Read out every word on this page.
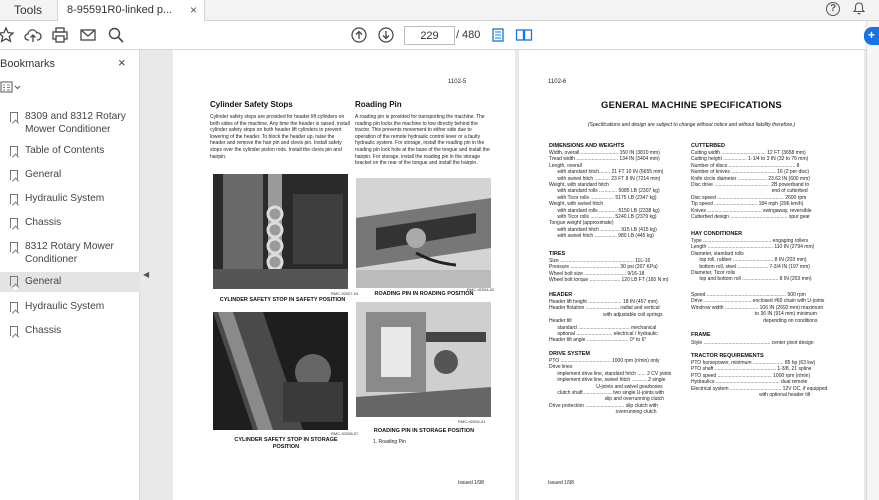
Tools	8-95591R0-linked p...	×	?
229	/ 480
Bookmarks	×
8309 and 8312 Rotary Mower Conditioner
Table of Contents
General
Hydraulic System
Chassis
8312 Rotary Mower Conditioner
General
Hydraulic System
Chassis
◀
1102-5
Cylinder Safety Stops	Roading Pin
Cylinder safety stops are provided for header lift cylinders on both sides of the machine. Any time the header is raised, install cylinder safety stops on both header lift cylinders to prevent lowering of the header. To block the header up, raise the header and remove the hair pin and clevis pin. Install safety stops over the cylinder piston rods. Install the clevis pin and hairpin.
A roading pin is provided for transporting the machine. The roading pin locks the machine to tow directly behind the tractor. This prevents movement to either side due to operation of the remote hydraulic control lever or a faulty hydraulic system. For storage, install the roading pin in the roading pin lock hole at the base of the tongue and install the hairpin. For storage, install the roading pin in the storage bracket on the rear of the tongue and install the hairpin.
RMC-92007-04
CYLINDER SAFETY STOP IN SAFETY POSITION
RMC-92094-02
ROADING PIN IN ROADING POSITION
RMC-92008-07
CYLINDER SAFETY STOP IN STORAGE POSITION
RMC-92005-01
ROADING PIN IN STORAGE POSITION
1. Roading Pin
Issued 1/98
1102-6
GENERAL MACHINE SPECIFICATIONS
(Specifications and design are subject to change without notice and without liability therefore.)
DIMENSIONS AND WEIGHTS
Width, overall ........................... 150 IN (3810 mm)
Tread width .............................. 134 IN (3404 mm)
Length, overall
with standard hitch........ 21 FT 10 IN (6655 mm)
with swivel hitch ........... 23 FT 8 IN (7214 mm)
Weight, with standard hitch
with standard rolls ............. 5085 LB (2307 kg)
with Ticor rolls ................. 5175 LB (2347 kg)
Weight, with swivel hitch
with standard rolls ............. 5150 LB (2338 kg)
with Ticor rolls ................. 5240 LB (2379 kg)
Tongue weight (approximate)
with standard hitch .............. 915 LB (415 kg)
with swivel hitch ................ 980 LB (445 kg)
TIRES
Size ..................................................... 11L-15
Pressure ................................... 30 psi (207 KPa)
Wheel bolt size .............................. 9/16-18
Wheel bolt torque ...................... 120 LB FT (165 N m)
HEADER
Header lift height ........................ 18 IN (457 mm)
Header flotation ........................ radial and vertical
with adjustable coil springs
Header tilt
standard ..................................... mechanical
optional .......................... electrical / hydraulic
Header tilt angle .............................. 0° to 6°
DRIVE SYSTEM
PTO .................................... 1000 rpm (r/min) only
Drive lines
implement drive line, standard hitch ...... 2 CV joints
implement drive line, swivel hitch ........... 2 single
U-joints and swivel gearboxes
clutch shaft .................... two single U-joints with
slip and overrunning clutch
Drive protection ............................ slip clutch with
overrunning clutch
CUTTERBED
Cutting width ................................ 12 FT (3658 mm)
Cutting height ................. 1-1/4 to 3 IN (32 to 76 mm)
Number of discs ................................................ 8
Number of knives ................................ 16 (2 per disc)
Knife circle diameter ..................... 23.62 IN (600 mm)
Disc drive ........................................ 2B powerband to
end of cutterbed
Disc speed ................................................ 2600 rpm
Tip speed ............................... 184 mph (296 km/h)
Knives ....................................... swingaway, reversible
Cutterbed design ......................................... spur gear
HAY CONDITIONER
Type ................................................. engaging rollers
Length ............................................... 110 IN (2794 mm)
Diameter, standard rolls
top roll, rubber ............................. 8 IN (203 mm)
bottom roll, steel ...................... 7-3/4 IN (197 mm)
Diameter, Ticor rolls
top and bottom roll .......................... 8 IN (203 mm)
Speed ......................................................... 900 rpm
Drive .................................. enclosed #60 chain with U-joints
Windrow width ........................ 106 IN (2692 mm) maximum
to 36 IN (914 mm) minimum
depending on conditions
FRAME
Style ................................................ center pivot design
TRACTOR REQUIREMENTS
PTO horsepower, minimum ...................... 85 hp (63 kw)
PTO shaft ............................................ 1-3/8, 21 spline
PTO speed ....................................... 1000 rpm (r/min)
Hydraulics .............................................. dual remote
Electrical system ..................................... 12V DC, if equipped
with optional header tilt
Issued 1/98
+
